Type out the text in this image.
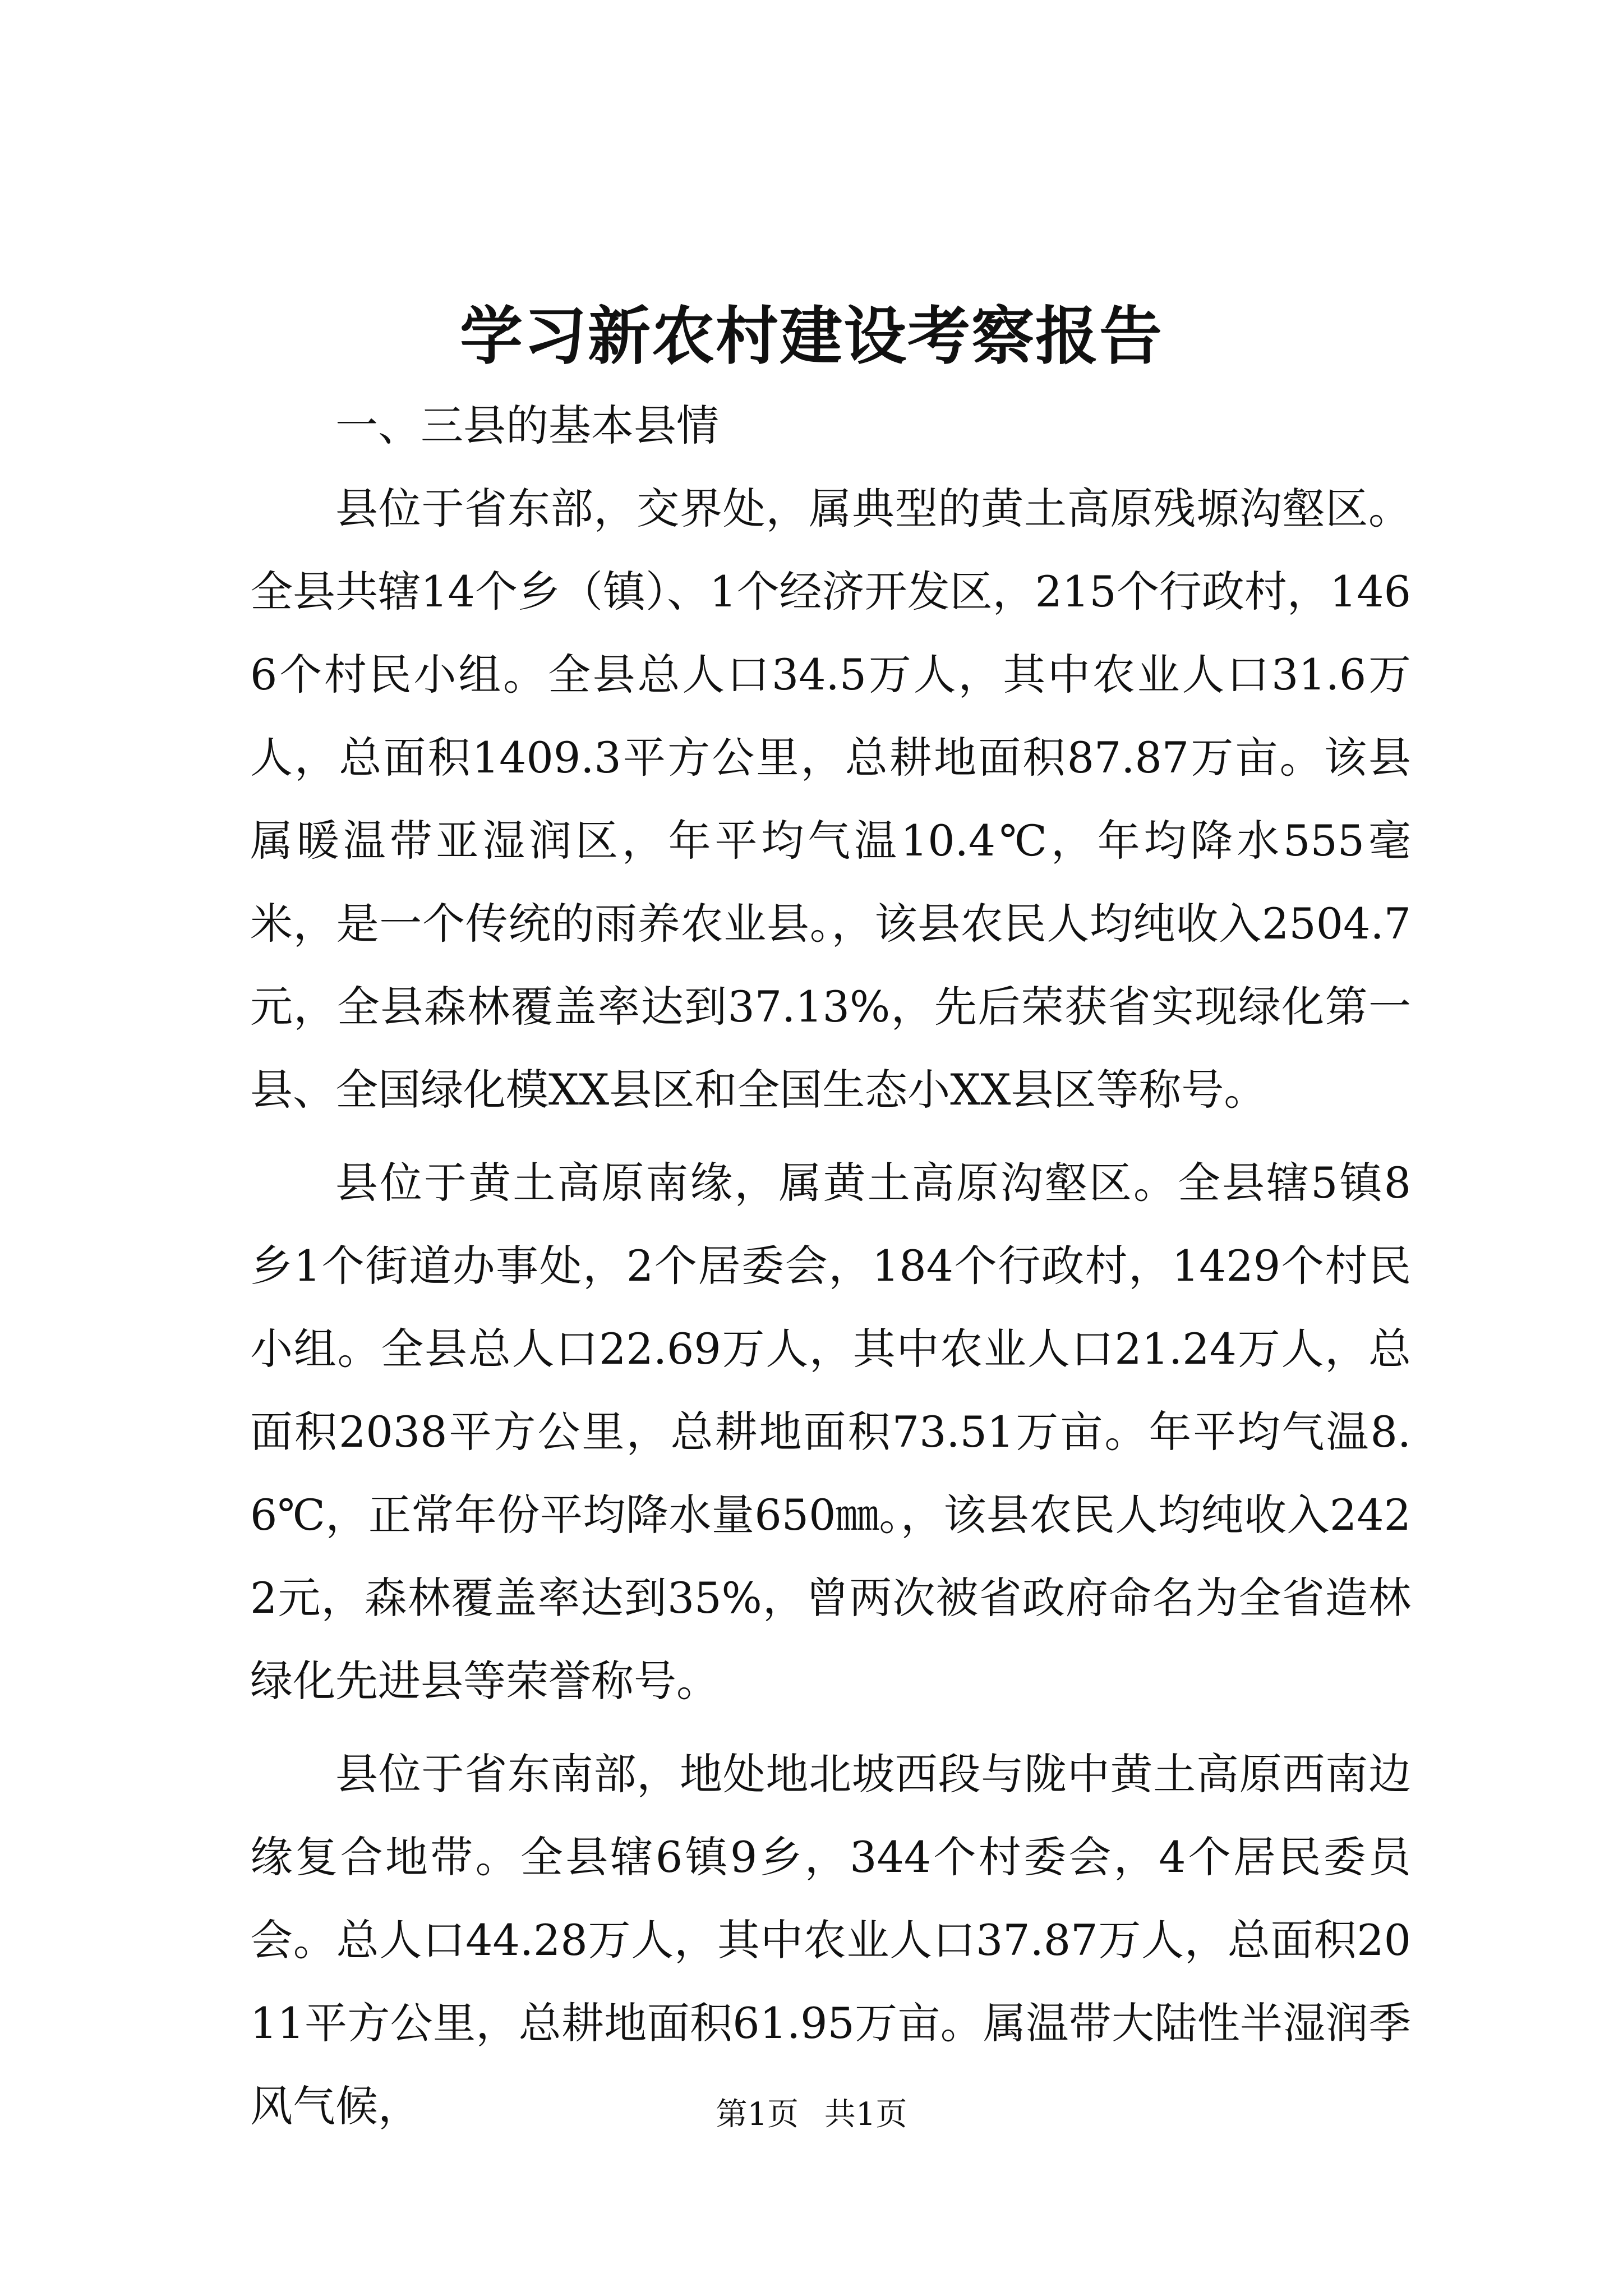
学习新农村建设考察报告

一、三县的基本县情

县位于省东部，交界处，属典型的黄土高原残塬沟壑区。全县共辖14个乡（镇）、1个经济开发区，215个行政村，1466个村民小组。全县总人口34.5万人，其中农业人口31.6万人，总面积1409.3平方公里，总耕地面积87.87万亩。该县属暖温带亚湿润区，年平均气温10.4℃，年均降水555毫米，是一个传统的雨养农业县。，该县农民人均纯收入2504.7元，全县森林覆盖率达到37.13%，先后荣获省实现绿化第一县、全国绿化模XX县区和全国生态小XX县区等称号。

县位于黄土高原南缘，属黄土高原沟壑区。全县辖5镇8乡1个街道办事处，2个居委会，184个行政村，1429个村民小组。全县总人口22.69万人，其中农业人口21.24万人，总面积2038平方公里，总耕地面积73.51万亩。年平均气温8.6℃，正常年份平均降水量650㎜。，该县农民人均纯收入2422元，森林覆盖率达到35%，曾两次被省政府命名为全省造林绿化先进县等荣誉称号。

县位于省东南部，地处地北坡西段与陇中黄土高原西南边缘复合地带。全县辖6镇9乡，344个村委会，4个居民委员会。总人口44.28万人，其中农业人口37.87万人，总面积2011平方公里，总耕地面积61.95万亩。属温带大陆性半湿润季风气候，	第1页 共1页
